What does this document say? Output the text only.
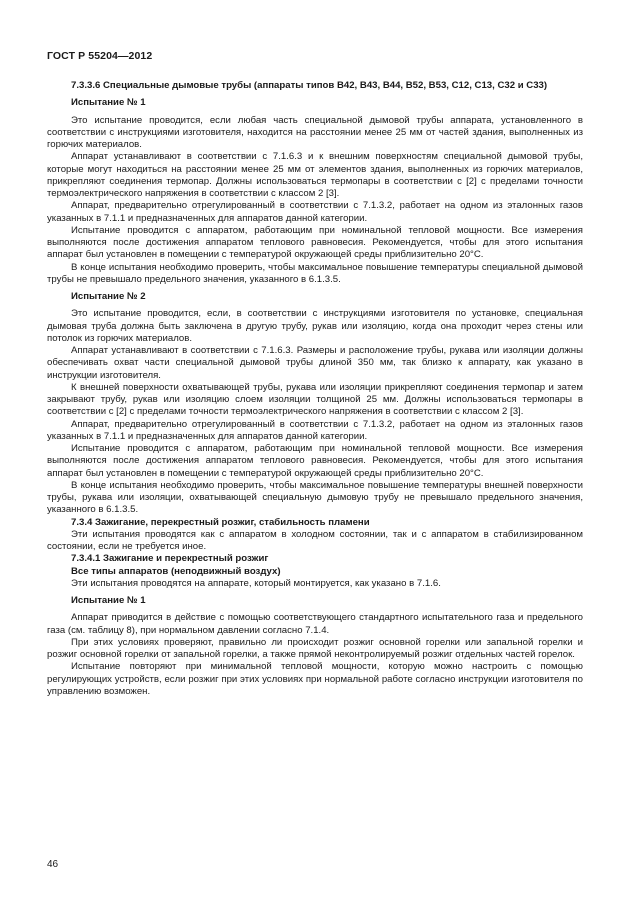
ГОСТ Р 55204—2012

7.3.3.6 Специальные дымовые трубы (аппараты типов B42, B43, B44, B52, B53, C12, C13, C32 и C33)

Испытание № 1

Это испытание проводится, если любая часть специальной дымовой трубы аппарата, установленного в соответствии с инструкциями изготовителя, находится на расстоянии менее 25 мм от частей здания, выполненных из горючих материалов.

Аппарат устанавливают в соответствии с 7.1.6.3 и к внешним поверхностям специальной дымовой трубы, которые могут находиться на расстоянии менее 25 мм от элементов здания, выполненных из горючих материалов, прикрепляют соединения термопар. Должны использоваться термопары в соответствии с [2] с пределами точности термоэлектрического напряжения в соответствии с классом 2 [3].

Аппарат, предварительно отрегулированный в соответствии с 7.1.3.2, работает на одном из эталонных газов указанных в 7.1.1 и предназначенных для аппаратов данной категории.

Испытание проводится с аппаратом, работающим при номинальной тепловой мощности. Все измерения выполняются после достижения аппаратом теплового равновесия. Рекомендуется, чтобы для этого испытания аппарат был установлен в помещении с температурой окружающей среды приблизительно 20°С.

В конце испытания необходимо проверить, чтобы максимальное повышение температуры специальной дымовой трубы не превышало предельного значения, указанного в 6.1.3.5.

Испытание № 2

Это испытание проводится, если, в соответствии с инструкциями изготовителя по установке, специальная дымовая труба должна быть заключена в другую трубу, рукав или изоляцию, когда она проходит через стены или потолок из горючих материалов.

Аппарат устанавливают в соответствии с 7.1.6.3. Размеры и расположение трубы, рукава или изоляции должны обеспечивать охват части специальной дымовой трубы длиной 350 мм, так близко к аппарату, как указано в инструкции изготовителя.

К внешней поверхности охватывающей трубы, рукава или изоляции прикрепляют соединения термопар и затем закрывают трубу, рукав или изоляцию слоем изоляции толщиной 25 мм. Должны использоваться термопары в соответствии с [2] с пределами точности термоэлектрического напряжения в соответствии с классом 2 [3].

Аппарат, предварительно отрегулированный в соответствии с 7.1.3.2, работает на одном из эталонных газов указанных в 7.1.1 и предназначенных для аппаратов данной категории.

Испытание проводится с аппаратом, работающим при номинальной тепловой мощности. Все измерения выполняются после достижения аппаратом теплового равновесия. Рекомендуется, чтобы для этого испытания аппарат был установлен в помещении с температурой окружающей среды приблизительно 20°С.

В конце испытания необходимо проверить, чтобы максимальное повышение температуры внешней поверхности трубы, рукава или изоляции, охватывающей специальную дымовую трубу не превышало предельного значения, указанного в 6.1.3.5.

7.3.4 Зажигание, перекрестный розжиг, стабильность пламени

Эти испытания проводятся как с аппаратом в холодном состоянии, так и с аппаратом в стабилизированном состоянии, если не требуется иное.

7.3.4.1 Зажигание и перекрестный розжиг

Все типы аппаратов (неподвижный воздух)

Эти испытания проводятся на аппарате, который монтируется, как указано в 7.1.6.

Испытание № 1

Аппарат приводится в действие с помощью соответствующего стандартного испытательного газа и предельного газа (см. таблицу 8), при нормальном давлении согласно 7.1.4.

При этих условиях проверяют, правильно ли происходит розжиг основной горелки или запальной горелки и розжиг основной горелки от запальной горелки, а также прямой неконтролируемый розжиг отдельных частей горелок.

Испытание повторяют при минимальной тепловой мощности, которую можно настроить с помощью регулирующих устройств, если розжиг при этих условиях при нормальной работе согласно инструкции изготовителя по управлению возможен.

46
